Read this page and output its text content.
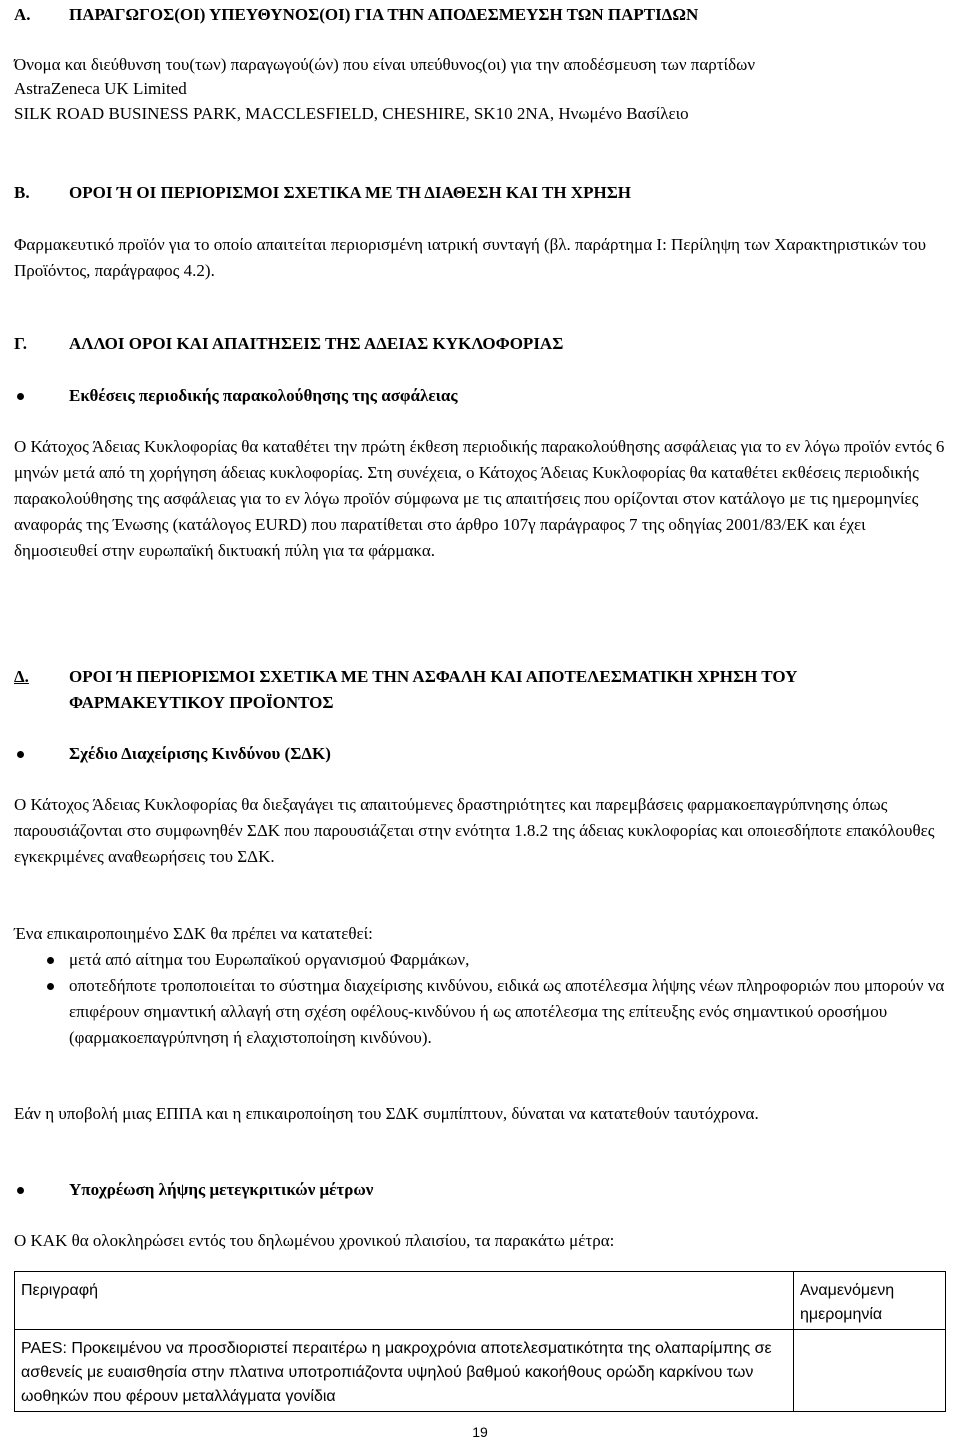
A.	ΠΑΡΑΓΩΓΟΣ(ΟΙ) ΥΠΕΥΘΥΝΟΣ(ΟΙ) ΓΙΑ ΤΗΝ ΑΠΟΔΕΣΜΕΥΣΗ ΤΩΝ ΠΑΡΤΙΔΩΝ

Όνομα και διεύθυνση του(των) παραγωγού(ών) που είναι υπεύθυνος(οι) για την αποδέσμευση των παρτίδων

AstraZeneca UK Limited

SILK ROAD BUSINESS PARK, MACCLESFIELD, CHESHIRE, SK10 2NA, Ηνωμένο Βασίλειο

B.	ΟΡΟΙ Ή ΟΙ ΠΕΡΙΟΡΙΣΜΟΙ ΣΧΕΤΙΚΑ ΜΕ ΤΗ ΔΙΑΘΕΣΗ ΚΑΙ ΤΗ ΧΡΗΣΗ

Φαρμακευτικό προϊόν για το οποίο απαιτείται περιορισμένη ιατρική συνταγή (βλ. παράρτημα Ι: Περίληψη των Χαρακτηριστικών του Προϊόντος, παράγραφος 4.2).

Γ.	ΑΛΛΟΙ ΟΡΟΙ ΚΑΙ ΑΠΑΙΤΗΣΕΙΣ ΤΗΣ ΑΔΕΙΑΣ ΚΥΚΛΟΦΟΡΙΑΣ
Εκθέσεις περιοδικής παρακολούθησης της ασφάλειας

Ο Κάτοχος Άδειας Κυκλοφορίας θα καταθέτει την πρώτη έκθεση περιοδικής παρακολούθησης ασφάλειας για το εν λόγω προϊόν εντός 6 μηνών μετά από τη χορήγηση άδειας κυκλοφορίας. Στη συνέχεια, ο Κάτοχος Άδειας Κυκλοφορίας θα καταθέτει εκθέσεις περιοδικής παρακολούθησης της ασφάλειας για το εν λόγω προϊόν σύμφωνα με τις απαιτήσεις που ορίζονται στον κατάλογο με τις ημερομηνίες αναφοράς της Ένωσης (κατάλογος EURD) που παρατίθεται στο άρθρο 107γ παράγραφος 7 της οδηγίας 2001/83/ΕΚ και έχει δημοσιευθεί στην ευρωπαϊκή δικτυακή πύλη για τα φάρμακα.

Δ.	ΟΡΟΙ Ή ΠΕΡΙΟΡΙΣΜΟΙ ΣΧΕΤΙΚΑ ΜΕ ΤΗΝ ΑΣΦΑΛΗ ΚΑΙ ΑΠΟΤΕΛΕΣΜΑΤΙΚΗ ΧΡΗΣΗ ΤΟΥ ΦΑΡΜΑΚΕΥΤΙΚΟΥ ΠΡΟΪΟΝΤΟΣ
Σχέδιο Διαχείρισης Κινδύνου (ΣΔΚ)

Ο Κάτοχος Άδειας Κυκλοφορίας θα διεξαγάγει τις απαιτούμενες δραστηριότητες και παρεμβάσεις φαρμακοεπαγρύπνησης όπως παρουσιάζονται στο συμφωνηθέν ΣΔΚ που παρουσιάζεται στην ενότητα 1.8.2 της άδειας κυκλοφορίας και οποιεσδήποτε επακόλουθες εγκεκριμένες αναθεωρήσεις του ΣΔΚ.

Ένα επικαιροποιημένο ΣΔΚ θα πρέπει να κατατεθεί:

μετά από αίτημα του Ευρωπαϊκού οργανισμού Φαρμάκων,
οποτεδήποτε τροποποιείται το σύστημα διαχείρισης κινδύνου, ειδικά ως αποτέλεσμα λήψης νέων πληροφοριών που μπορούν να επιφέρουν σημαντική αλλαγή στη σχέση οφέλους-κινδύνου ή ως αποτέλεσμα της επίτευξης ενός σημαντικού οροσήμου (φαρμακοεπαγρύπνηση ή ελαχιστοποίηση κινδύνου).

Εάν η υποβολή μιας ΕΠΠΑ και η επικαιροποίηση του ΣΔΚ συμπίπτουν, δύναται να κατατεθούν ταυτόχρονα.

Υποχρέωση λήψης μετεγκριτικών μέτρων

Ο ΚΑΚ θα ολοκληρώσει εντός του δηλωμένου χρονικού πλαισίου, τα παρακάτω μέτρα:

Περιγραφή	Αναμενόμενη ημερομηνία
PAES: Προκειμένου να προσδιοριστεί περαιτέρω η μακροχρόνια αποτελεσματικότητα της ολαπαρίμπης σε ασθενείς με ευαισθησία στην πλατινα υποτροπιάζοντα υψηλού βαθμού κακοήθους ορώδη καρκίνου των ωοθηκών που φέρουν μεταλλάγματα γονίδια	
19
